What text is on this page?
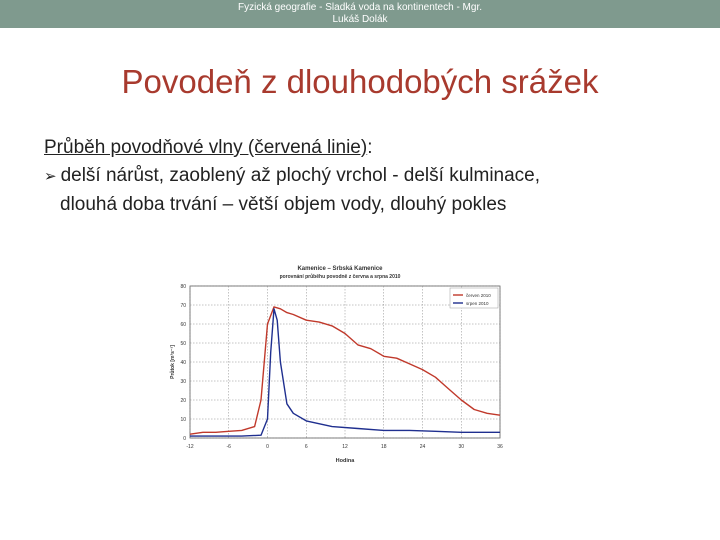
Fyzická geografie - Sladká voda na kontinentech - Mgr.
Lukáš Dolák
Povodeň z dlouhodobých srážek
Průběh povodňové vlny (červená linie):
➢ delší nárůst, zaoblený až plochý vrchol - delší kulminace,
dlouhá doba trvání – větší objem vody, dlouhý pokles
Kamenice – Srbská Kamenice
porovnání průběhu povodně z června a srpna 2010
0
10
20
30
40
50
60
70
80
-12	-6	0	6	12	18	24	30	36
Hodina
Průtok [m³s⁻¹]
červen 2010
srpen 2010
